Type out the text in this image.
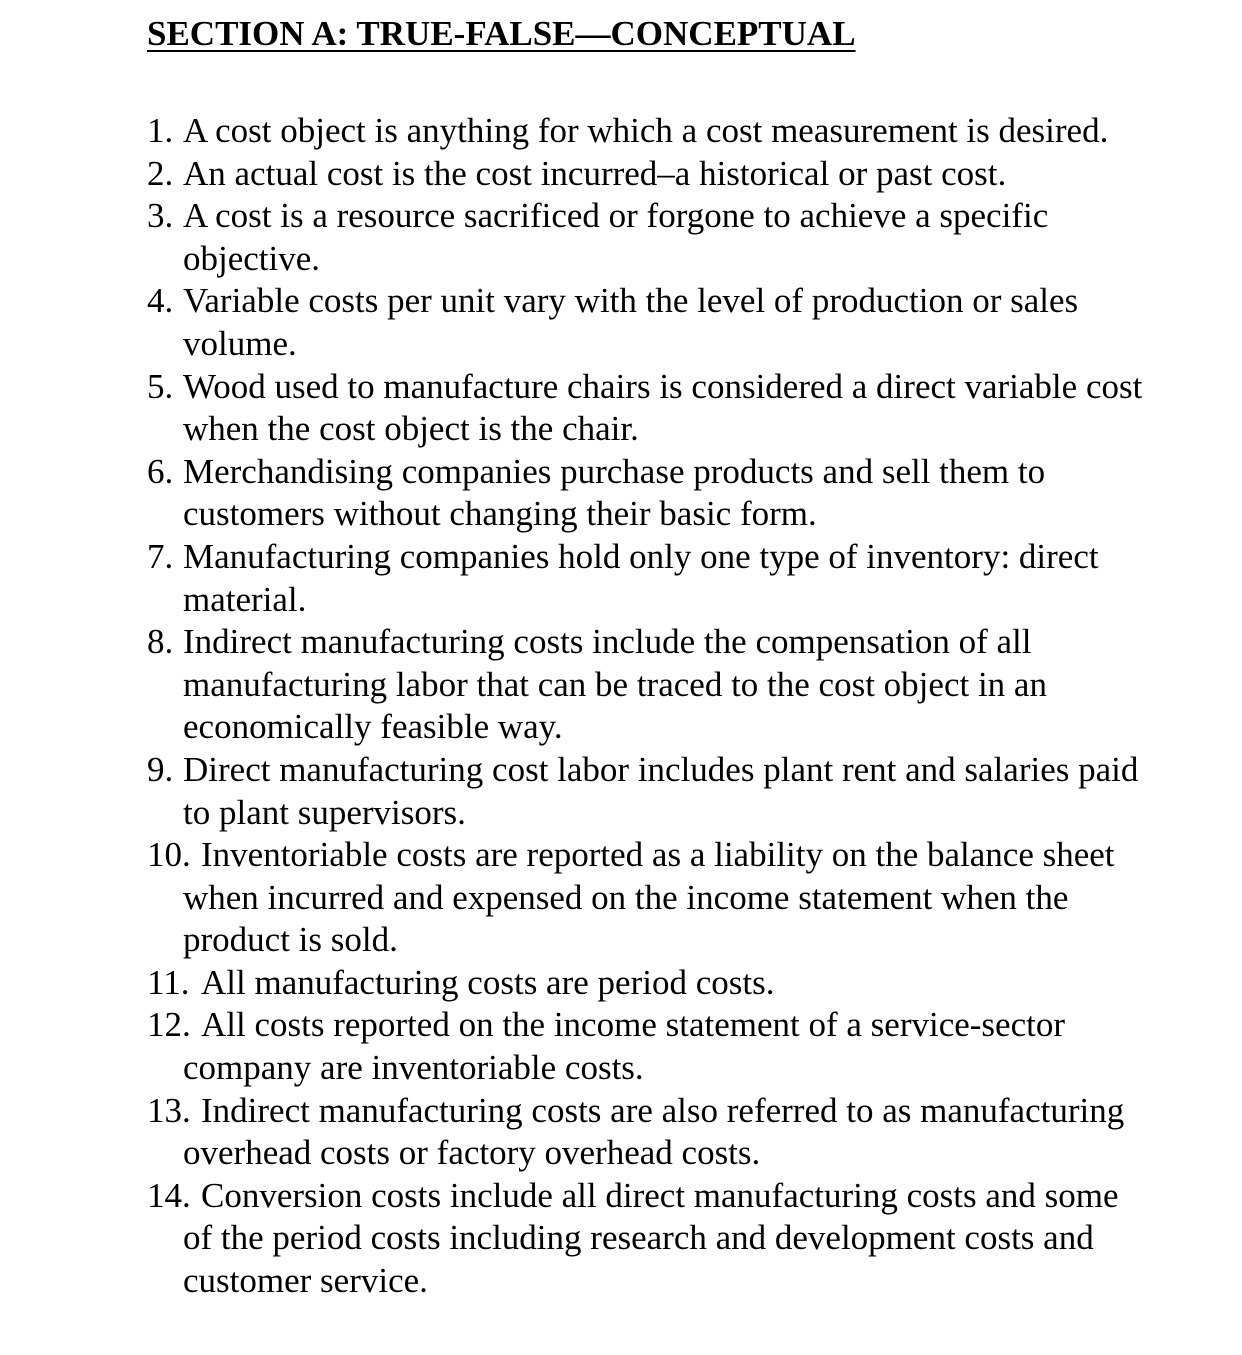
SECTION A: TRUE-FALSE—CONCEPTUAL
1. A cost object is anything for which a cost measurement is desired.
2. An actual cost is the cost incurred–a historical or past cost.
3. A cost is a resource sacrificed or forgone to achieve a specific objective.
4. Variable costs per unit vary with the level of production or sales volume.
5. Wood used to manufacture chairs is considered a direct variable cost when the cost object is the chair.
6. Merchandising companies purchase products and sell them to customers without changing their basic form.
7. Manufacturing companies hold only one type of inventory: direct material.
8. Indirect manufacturing costs include the compensation of all manufacturing labor that can be traced to the cost object in an economically feasible way.
9. Direct manufacturing cost labor includes plant rent and salaries paid to plant supervisors.
10. Inventoriable costs are reported as a liability on the balance sheet when incurred and expensed on the income statement when the product is sold.
11. All manufacturing costs are period costs.
12. All costs reported on the income statement of a service-sector company are inventoriable costs.
13. Indirect manufacturing costs are also referred to as manufacturing overhead costs or factory overhead costs.
14. Conversion costs include all direct manufacturing costs and some of the period costs including research and development costs and customer service.
